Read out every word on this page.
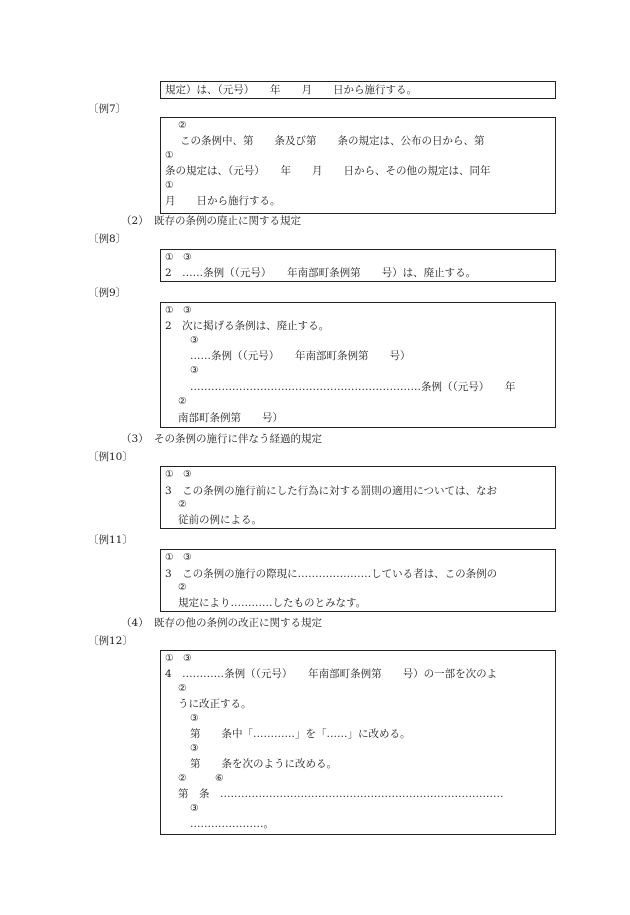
規定）は、（元号）　　年　　月　　日から施行する。
〔例7〕
②
この条例中、第　　条及び第　　条の規定は、公布の日から、第
①
条の規定は、（元号）　　年　　月　　日から、その他の規定は、同年
①
月　　日から施行する。
（2） 既存の条例の廃止に関する規定
〔例8〕
①　③
2　……条例（（元号）　　年南部町条例第　　号）は、廃止する。
〔例9〕
①　③
2　次に掲げる条例は、廃止する。
③
……条例（（元号）　　年南部町条例第　　号）
③
…………………………………………………………条例（（元号）　　年
②
南部町条例第　　号）
（3） その条例の施行に伴なう経過的規定
〔例10〕
①　③
3　この条例の施行前にした行為に対する罰則の適用については、なお
②
従前の例による。
〔例11〕
①　③
3　この条例の施行の際現に…………………している者は、この条例の
②
規定により…………したものとみなす。
（4） 既存の他の条例の改正に関する規定
〔例12〕
①　③
4　…………条例（（元号）　　年南部町条例第　　号）の一部を次のよ
②
うに改正する。
③
第　　条中「…………」を「……」に改める。
③
第　　条を次のように改める。
②　　　⑥
第　条　………………………………………………………………………
③
…………………。
